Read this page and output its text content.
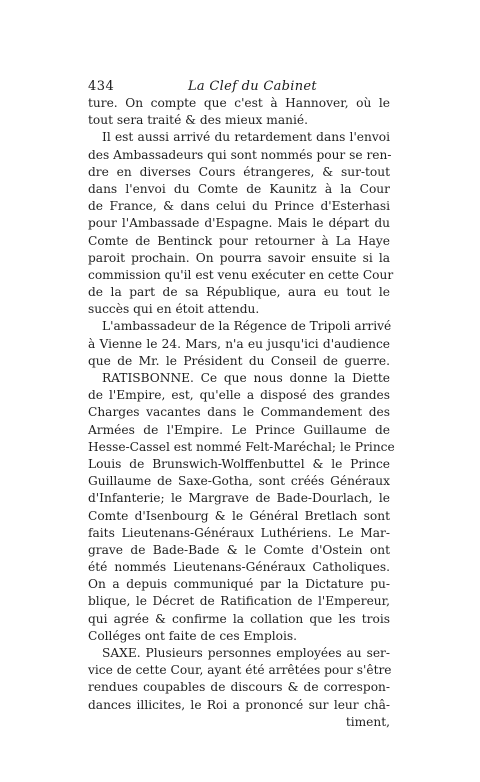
434	La Clef du Cabinet
ture. On compte que c'est à Hannover, où le
tout sera traité & des mieux manié.
Il est aussi arrivé du retardement dans l'envoi
des Ambassadeurs qui sont nommés pour se ren-
dre en diverses Cours étrangeres, & sur-tout
dans l'envoi du Comte de Kaunitz à la Cour
de France, & dans celui du Prince d'Esterhasi
pour l'Ambassade d'Espagne. Mais le départ du
Comte de Bentinck pour retourner à La Haye
paroit prochain. On pourra savoir ensuite si la
commission qu'il est venu exécuter en cette Cour
de la part de sa République, aura eu tout le
succès qui en étoit attendu.
L'ambassadeur de la Régence de Tripoli arrivé
à Vienne le 24. Mars, n'a eu jusqu'ici d'audience
que de Mr. le Président du Conseil de guerre.
RATISBONNE. Ce que nous donne la Diette
de l'Empire, est, qu'elle a disposé des grandes
Charges vacantes dans le Commandement des
Armées de l'Empire. Le Prince Guillaume de
Hesse-Cassel est nommé Felt-Maréchal; le Prince
Louis de Brunswich-Wolffenbuttel & le Prince
Guillaume de Saxe-Gotha, sont créés Généraux
d'Infanterie; le Margrave de Bade-Dourlach, le
Comte d'Isenbourg & le Général Bretlach sont
faits Lieutenans-Généraux Luthériens. Le Mar-
grave de Bade-Bade & le Comte d'Ostein ont
été nommés Lieutenans-Généraux Catholiques.
On a depuis communiqué par la Dictature pu-
blique, le Décret de Ratification de l'Empereur,
qui agrée & confirme la collation que les trois
Colléges ont faite de ces Emplois.
SAXE. Plusieurs personnes employées au ser-
vice de cette Cour, ayant été arrêtées pour s'être
rendues coupables de discours & de correspon-
dances illicites, le Roi a prononcé sur leur châ-
timent,
